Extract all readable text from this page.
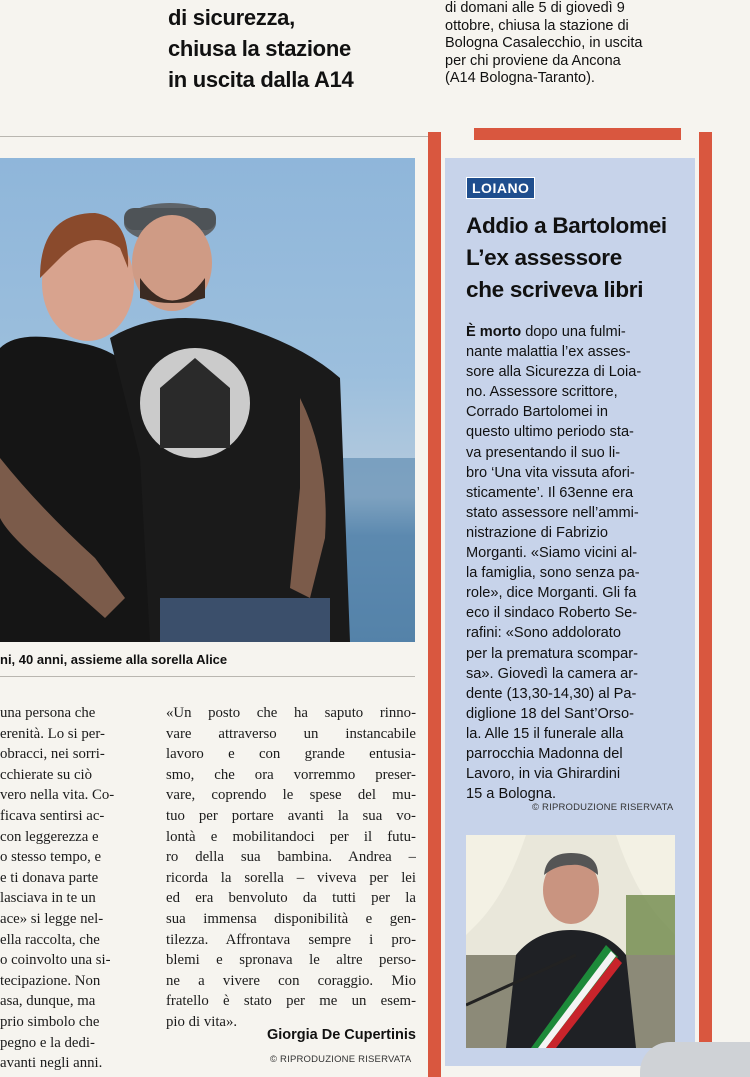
di sicurezza,
chiusa la stazione
in uscita dalla A14
di domani alle 5 di giovedì 9
ottobre, chiusa la stazione di
Bologna Casalecchio, in uscita
per chi proviene da Ancona
(A14 Bologna-Taranto).
ni, 40 anni, assieme alla sorella Alice
una persona che
erenità. Lo si per-
obracci, nei sorri-
cchierate su ciò
vero nella vita. Co-
ficava sentirsi ac-
con leggerezza e
o stesso tempo, e
e ti donava parte
lasciava in te un
ace» si legge nel-
ella raccolta, che
o coinvolto una si-
tecipazione. Non
asa, dunque, ma
prio simbolo che
pegno e la dedi-
avanti negli anni.
«Un posto che ha saputo rinno-
vare attraverso un instancabile
lavoro e con grande entusia-
smo, che ora vorremmo preser-
vare, coprendo le spese del mu-
tuo per portare avanti la sua vo-
lontà e mobilitandoci per il futu-
ro della sua bambina. Andrea –
ricorda la sorella – viveva per lei
ed era benvoluto da tutti per la
sua immensa disponibilità e gen-
tilezza. Affrontava sempre i pro-
blemi e spronava le altre perso-
ne a vivere con coraggio. Mio
fratello è stato per me un esem-
pio di vita».
Giorgia De Cupertinis
© RIPRODUZIONE RISERVATA
LOIANO
Addio a Bartolomei
L’ex assessore
che scriveva libri
È morto dopo una fulmi-
nante malattia l’ex asses-
sore alla Sicurezza di Loia-
no. Assessore scrittore,
Corrado Bartolomei in
questo ultimo periodo sta-
va presentando il suo li-
bro ‘Una vita vissuta afori-
sticamente’. Il 63enne era
stato assessore nell’ammi-
nistrazione di Fabrizio
Morganti. «Siamo vicini al-
la famiglia, sono senza pa-
role», dice Morganti. Gli fa
eco il sindaco Roberto Se-
rafini: «Sono addolorato
per la prematura scompar-
sa». Giovedì la camera ar-
dente (13,30-14,30) al Pa-
diglione 18 del Sant’Orso-
la. Alle 15 il funerale alla
parrocchia Madonna del
Lavoro, in via Ghirardini
15 a Bologna.
© RIPRODUZIONE RISERVATA
